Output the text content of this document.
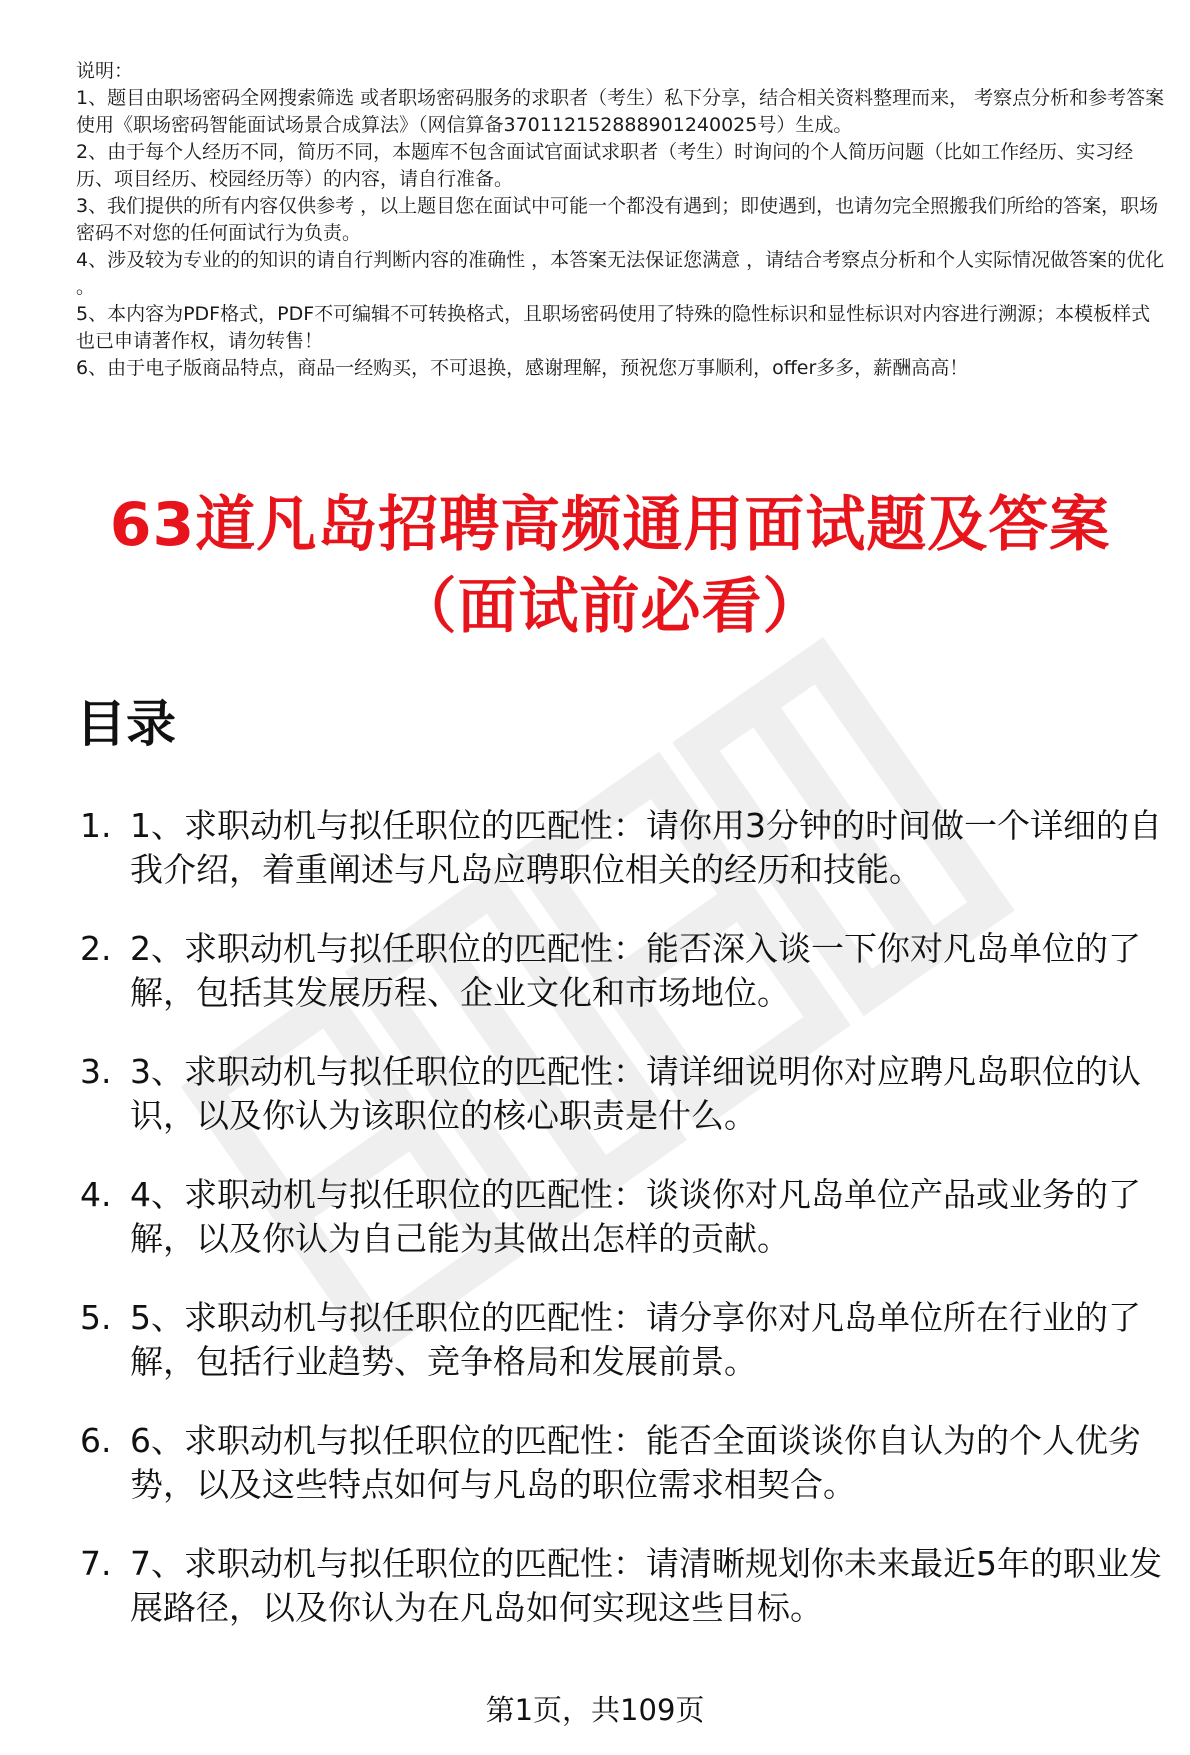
说明：

1、题目由职场密码全网搜索筛选 或者职场密码服务的求职者（考生）私下分享，结合相关资料整理而来， 考察点分析和参考答案使用《职场密码智能面试场景合成算法》（网信算备370112152888901240025号）生成。

2、由于每个人经历不同，简历不同，本题库不包含面试官面试求职者（考生）时询问的个人简历问题（比如工作经历、实习经历、项目经历、校园经历等）的内容，请自行准备。

3、我们提供的所有内容仅供参考 ，以上题目您在面试中可能一个都没有遇到；即使遇到，也请勿完全照搬我们所给的答案，职场密码不对您的任何面试行为负责。

4、涉及较为专业的的知识的请自行判断内容的准确性 ，本答案无法保证您满意 ，请结合考察点分析和个人实际情况做答案的优化 。

5、本内容为PDF格式，PDF不可编辑不可转换格式，且职场密码使用了特殊的隐性标识和显性标识对内容进行溯源；本模板样式也已申请著作权，请勿转售！

6、由于电子版商品特点，商品一经购买，不可退换，感谢理解，预祝您万事顺利，offer多多，薪酬高高！

63道凡岛招聘高频通用面试题及答案（面试前必看）
目录
1. 1、求职动机与拟任职位的匹配性：请你用3分钟的时间做一个详细的自我介绍，着重阐述与凡岛应聘职位相关的经历和技能。
2. 2、求职动机与拟任职位的匹配性：能否深入谈一下你对凡岛单位的了解，包括其发展历程、企业文化和市场地位。
3. 3、求职动机与拟任职位的匹配性：请详细说明你对应聘凡岛职位的认识，以及你认为该职位的核心职责是什么。
4. 4、求职动机与拟任职位的匹配性：谈谈你对凡岛单位产品或业务的了解，以及你认为自己能为其做出怎样的贡献。
5. 5、求职动机与拟任职位的匹配性：请分享你对凡岛单位所在行业的了解，包括行业趋势、竞争格局和发展前景。
6. 6、求职动机与拟任职位的匹配性：能否全面谈谈你自认为的个人优劣势，以及这些特点如何与凡岛的职位需求相契合。
7. 7、求职动机与拟任职位的匹配性：请清晰规划你未来最近5年的职业发展路径，以及你认为在凡岛如何实现这些目标。
第1页，共109页
